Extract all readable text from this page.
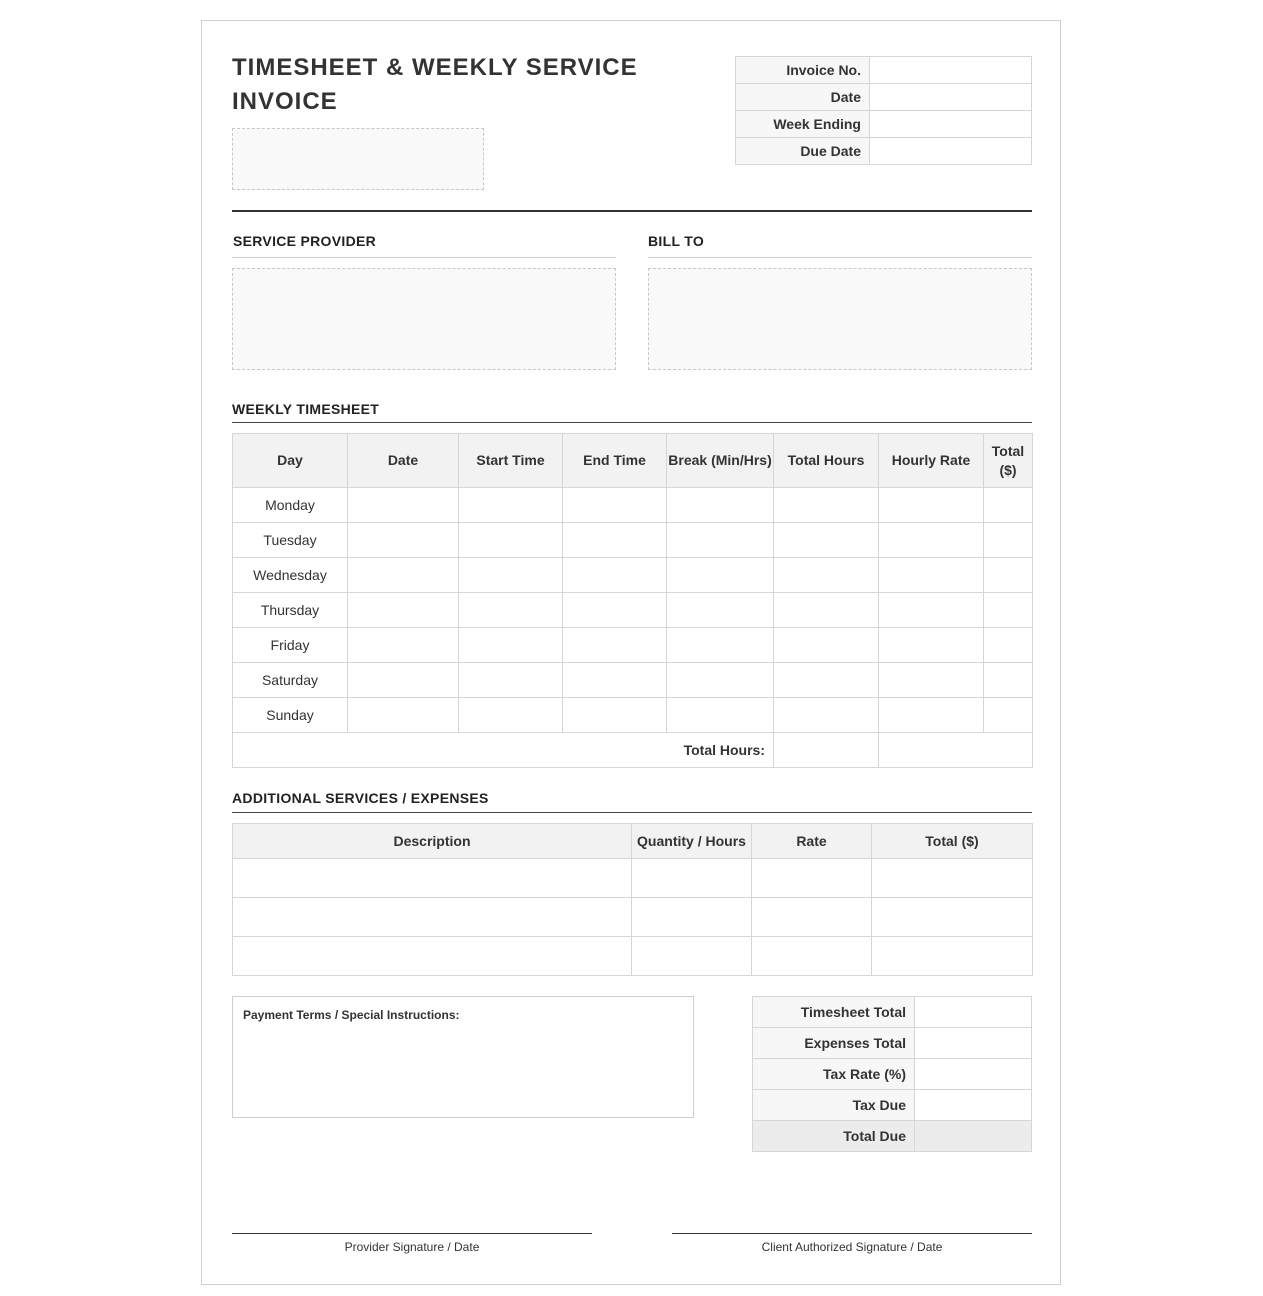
TIMESHEET & WEEKLY SERVICE INVOICE
Invoice No.	
Date	
Week Ending	
Due Date	
SERVICE PROVIDER	BILL TO
WEEKLY TIMESHEET
Day	Date	Start Time	End Time	Break (Min/Hrs)	Total Hours	Hourly Rate	Total ($)
Monday							
Tuesday							
Wednesday							
Thursday							
Friday							
Saturday							
Sunday							
Total Hours:							
ADDITIONAL SERVICES / EXPENSES
Description	Quantity / Hours	Rate	Total ($)

Payment Terms / Special Instructions:	Timesheet Total	
Expenses Total	
Tax Rate (%)	
Tax Due	
Total Due	
Provider Signature / Date	Client Authorized Signature / Date
